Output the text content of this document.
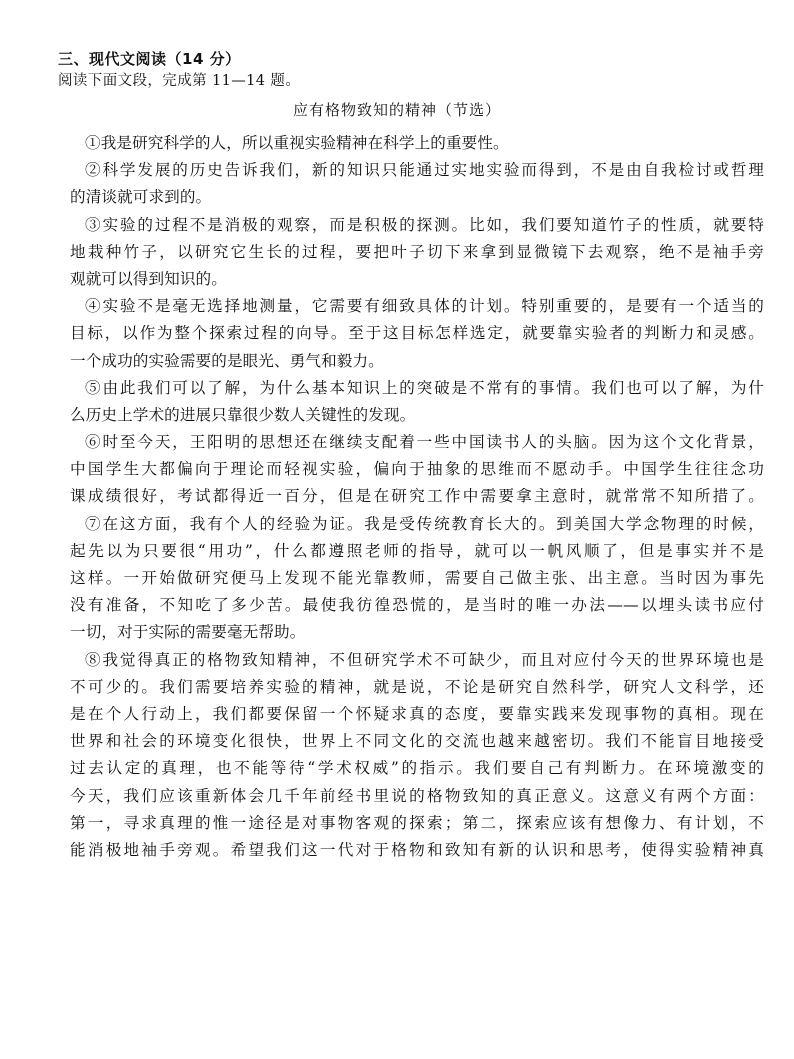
三、现代文阅读（14 分）
阅读下面文段，完成第 11—14 题。
应有格物致知的精神（节选）
①我是研究科学的人，所以重视实验精神在科学上的重要性。
②科学发展的历史告诉我们，新的知识只能通过实地实验而得到，不是由自我检讨或哲理
的清谈就可求到的。
③实验的过程不是消极的观察，而是积极的探测。比如，我们要知道竹子的性质，就要特
地栽种竹子，以研究它生长的过程，要把叶子切下来拿到显微镜下去观察，绝不是袖手旁
观就可以得到知识的。
④实验不是毫无选择地测量，它需要有细致具体的计划。特别重要的，是要有一个适当的
目标，以作为整个探索过程的向导。至于这目标怎样选定，就要靠实验者的判断力和灵感。
一个成功的实验需要的是眼光、勇气和毅力。
⑤由此我们可以了解，为什么基本知识上的突破是不常有的事情。我们也可以了解，为什
么历史上学术的进展只靠很少数人关键性的发现。
⑥时至今天，王阳明的思想还在继续支配着一些中国读书人的头脑。因为这个文化背景，
中国学生大都偏向于理论而轻视实验，偏向于抽象的思维而不愿动手。中国学生往往念功
课成绩很好，考试都得近一百分，但是在研究工作中需要拿主意时，就常常不知所措了。
⑦在这方面，我有个人的经验为证。我是受传统教育长大的。到美国大学念物理的时候，
起先以为只要很“用功”，什么都遵照老师的指导，就可以一帆风顺了，但是事实并不是
这样。一开始做研究便马上发现不能光靠教师，需要自己做主张、出主意。当时因为事先
没有准备，不知吃了多少苦。最使我彷徨恐慌的，是当时的唯一办法——以埋头读书应付
一切，对于实际的需要毫无帮助。
⑧我觉得真正的格物致知精神，不但研究学术不可缺少，而且对应付今天的世界环境也是
不可少的。我们需要培养实验的精神，就是说，不论是研究自然科学，研究人文科学，还
是在个人行动上，我们都要保留一个怀疑求真的态度，要靠实践来发现事物的真相。现在
世界和社会的环境变化很快，世界上不同文化的交流也越来越密切。我们不能盲目地接受
过去认定的真理，也不能等待“学术权威”的指示。我们要自己有判断力。在环境激变的
今天，我们应该重新体会几千年前经书里说的格物致知的真正意义。这意义有两个方面：
第一，寻求真理的惟一途径是对事物客观的探索；第二，探索应该有想像力、有计划，不
能消极地袖手旁观。希望我们这一代对于格物和致知有新的认识和思考，使得实验精神真
